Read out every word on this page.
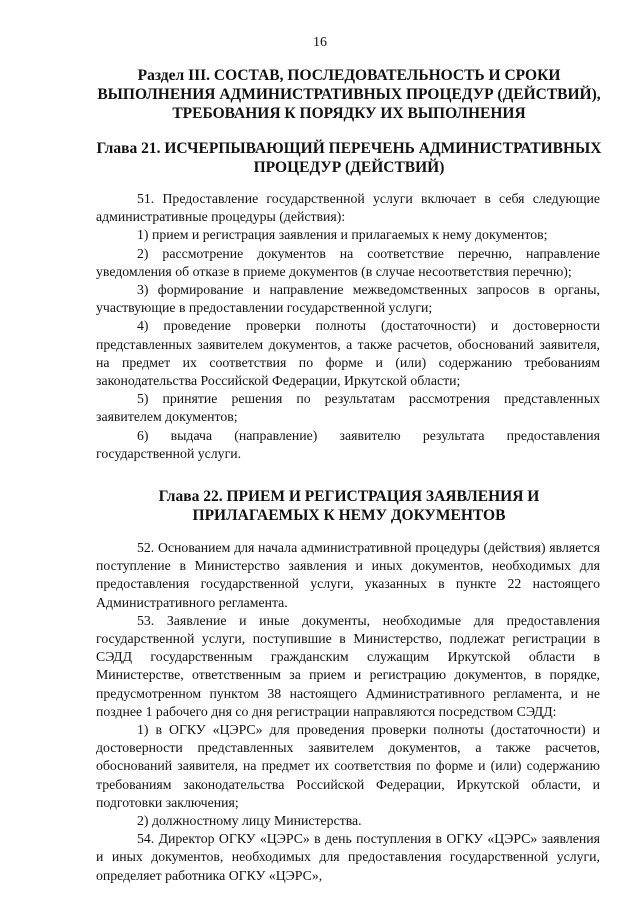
16
Раздел III. СОСТАВ, ПОСЛЕДОВАТЕЛЬНОСТЬ И СРОКИ ВЫПОЛНЕНИЯ АДМИНИСТРАТИВНЫХ ПРОЦЕДУР (ДЕЙСТВИЙ), ТРЕБОВАНИЯ К ПОРЯДКУ ИХ ВЫПОЛНЕНИЯ
Глава 21. ИСЧЕРПЫВАЮЩИЙ ПЕРЕЧЕНЬ АДМИНИСТРАТИВНЫХ ПРОЦЕДУР (ДЕЙСТВИЙ)

51. Предоставление государственной услуги включает в себя следующие административные процедуры (действия):

1) прием и регистрация заявления и прилагаемых к нему документов;

2) рассмотрение документов на соответствие перечню, направление уведомления об отказе в приеме документов (в случае несоответствия перечню);

3) формирование и направление межведомственных запросов в органы, участвующие в предоставлении государственной услуги;

4) проведение проверки полноты (достаточности) и достоверности представленных заявителем документов, а также расчетов, обоснований заявителя, на предмет их соответствия по форме и (или) содержанию требованиям законодательства Российской Федерации, Иркутской области;

5) принятие решения по результатам рассмотрения представленных заявителем документов;

6) выдача (направление) заявителю результата предоставления государственной услуги.

Глава 22. ПРИЕМ И РЕГИСТРАЦИЯ ЗАЯВЛЕНИЯ И ПРИЛАГАЕМЫХ К НЕМУ ДОКУМЕНТОВ

52. Основанием для начала административной процедуры (действия) является поступление в Министерство заявления и иных документов, необходимых для предоставления государственной услуги, указанных в пункте 22 настоящего Административного регламента.

53. Заявление и иные документы, необходимые для предоставления государственной услуги, поступившие в Министерство, подлежат регистрации в СЭДД государственным гражданским служащим Иркутской области в Министерстве, ответственным за прием и регистрацию документов, в порядке, предусмотренном пунктом 38 настоящего Административного регламента, и не позднее 1 рабочего дня со дня регистрации направляются посредством СЭДД:

1) в ОГКУ «ЦЭРС» для проведения проверки полноты (достаточности) и достоверности представленных заявителем документов, а также расчетов, обоснований заявителя, на предмет их соответствия по форме и (или) содержанию требованиям законодательства Российской Федерации, Иркутской области, и подготовки заключения;

2) должностному лицу Министерства.

54. Директор ОГКУ «ЦЭРС» в день поступления в ОГКУ «ЦЭРС» заявления и иных документов, необходимых для предоставления государственной услуги, определяет работника ОГКУ «ЦЭРС»,
